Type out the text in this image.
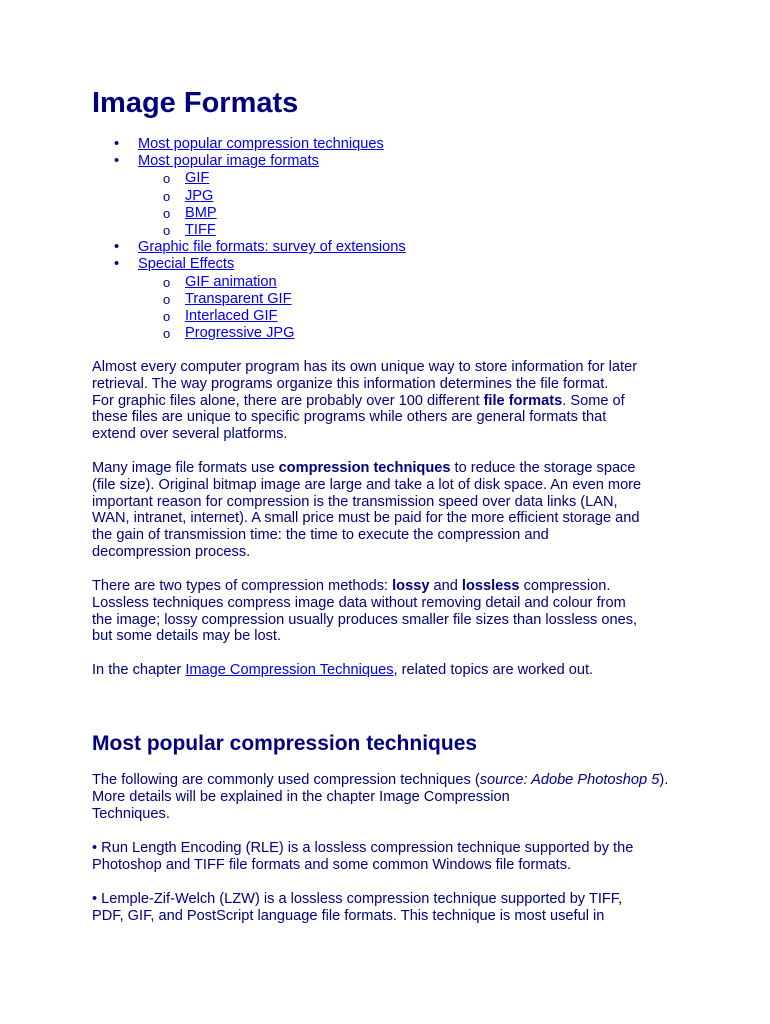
Image Formats
• Most popular compression techniques
• Most popular image formats
o GIF
o JPG
o BMP
o TIFF
• Graphic file formats: survey of extensions
• Special Effects
o GIF animation
o Transparent GIF
o Interlaced GIF
o Progressive JPG

Almost every computer program has its own unique way to store information for later
retrieval. The way programs organize this information determines the file format.
For graphic files alone, there are probably over 100 different file formats. Some of
these files are unique to specific programs while others are general formats that
extend over several platforms.

Many image file formats use compression techniques to reduce the storage space
(file size). Original bitmap image are large and take a lot of disk space. An even more
important reason for compression is the transmission speed over data links (LAN,
WAN, intranet, internet). A small price must be paid for the more efficient storage and
the gain of transmission time: the time to execute the compression and
decompression process.

There are two types of compression methods: lossy and lossless compression.
Lossless techniques compress image data without removing detail and colour from
the image; lossy compression usually produces smaller file sizes than lossless ones,
but some details may be lost.

In the chapter Image Compression Techniques, related topics are worked out.

Most popular compression techniques

The following are commonly used compression techniques (source: Adobe Photoshop 5). More details will be explained in the chapter Image Compression
Techniques.

• Run Length Encoding (RLE) is a lossless compression technique supported by the
Photoshop and TIFF file formats and some common Windows file formats.

• Lemple-Zif-Welch (LZW) is a lossless compression technique supported by TIFF,
PDF, GIF, and PostScript language file formats. This technique is most useful in
